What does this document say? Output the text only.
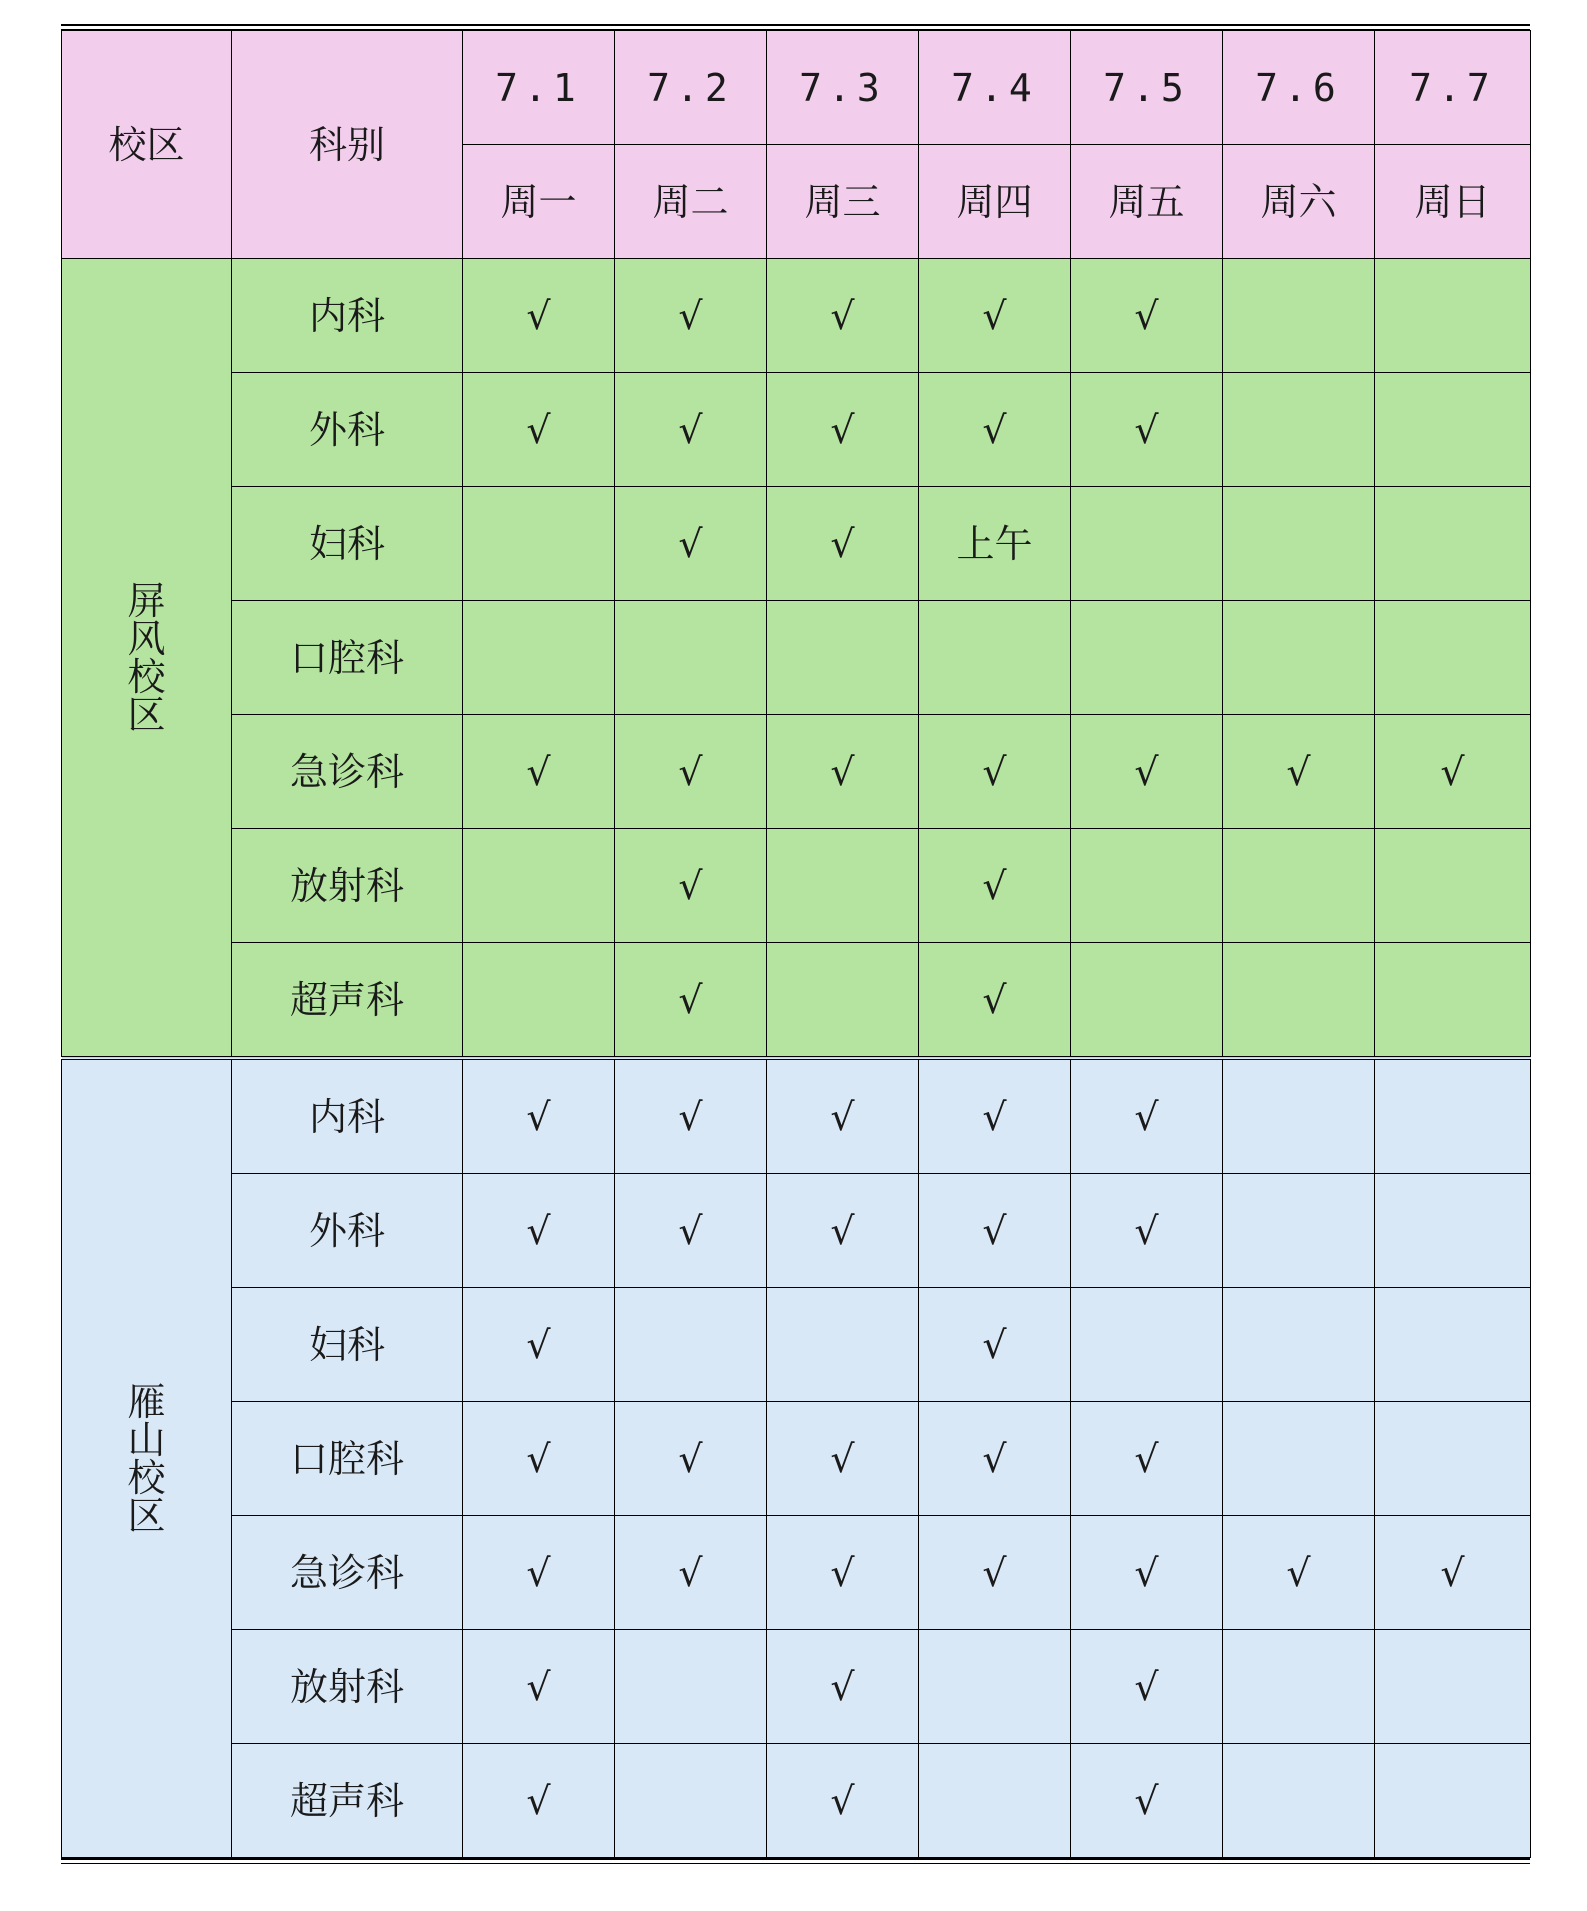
校区	科别	7.1	7.2	7.3	7.4	7.5	7.6	7.7
		周一	周二	周三	周四	周五	周六	周日
屏风校区	内科	√	√	√	√	√		
	外科	√	√	√	√	√		
	妇科		√	√	上午			
	口腔科							
	急诊科	√	√	√	√	√	√	√
	放射科		√		√			
	超声科		√		√			
雁山校区	内科	√	√	√	√	√		
	外科	√	√	√	√	√		
	妇科	√			√			
	口腔科	√	√	√	√	√		
	急诊科	√	√	√	√	√	√	√
	放射科	√		√		√		
	超声科	√		√		√		
